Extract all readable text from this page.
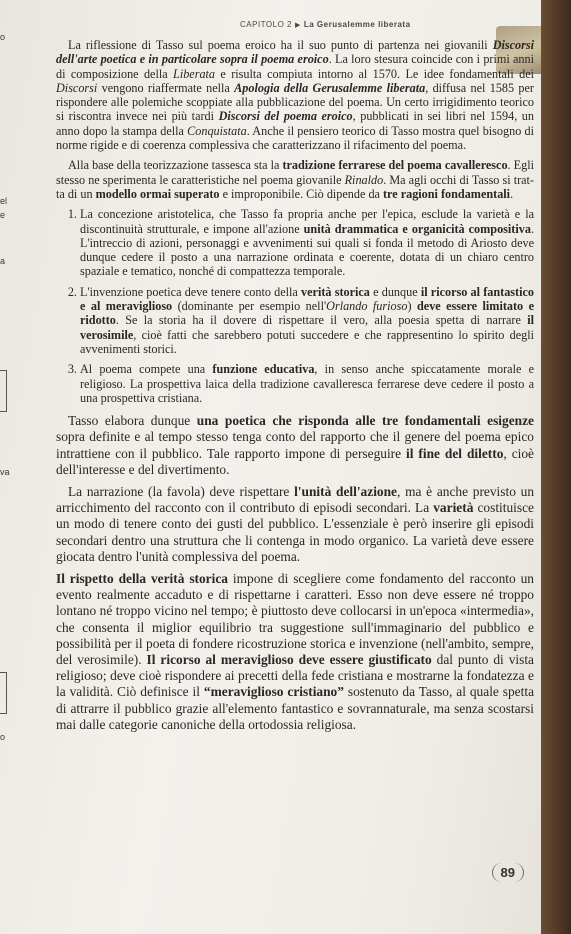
CAPITOLO 2 ▶ La Gerusalemme liberata
o
el
e
a
va
o

La riflessione di Tasso sul poema eroico ha il suo punto di partenza nei giovanili Discorsi dell'arte poetica e in particolare sopra il poema eroico. La loro stesura coincide con i primi anni di composizione della Liberata e risulta compiuta intorno al 1570. Le idee fondamentali dei Discorsi vengono riaffermate nella Apologia della Gerusalemme liberata, diffusa nel 1585 per rispondere alle polemiche scoppiate alla pubblicazione del poema. Un certo irrigidimento teorico si riscontra invece nei più tardi Discorsi del poema eroico, pubblicati in sei libri nel 1594, un anno dopo la stampa della Conquistata. Anche il pensiero teorico di Tasso mostra quel bisogno di norme rigide e di coerenza complessiva che caratterizzano il rifacimento del poema.

Alla base della teorizzazione tassesca sta la tradizione ferrarese del poema cavalleresco. Egli stesso ne sperimenta le caratteristiche nel poema giovanile Rinaldo. Ma agli occhi di Tasso si trat-ta di un modello ormai superato e improponibile. Ciò dipende da tre ragioni fondamentali.

1. La concezione aristotelica, che Tasso fa propria anche per l'epica, esclude la varietà e la discontinuità strutturale, e impone all'azione unità drammatica e organicità compositiva. L'intreccio di azioni, personaggi e avvenimenti sui quali si fonda il metodo di Ariosto deve dunque cedere il posto a una narrazione ordinata e coerente, dotata di un chiaro centro spaziale e tematico, nonché di compattezza temporale.
2. L'invenzione poetica deve tenere conto della verità storica e dunque il ricorso al fantastico e al meraviglioso (dominante per esempio nell'Orlando furioso) deve essere limitato e ridotto. Se la storia ha il dovere di rispettare il vero, alla poesia spetta di narrare il verosimile, cioè fatti che sarebbero potuti succedere e che rappresentino lo spirito degli avvenimenti storici.
3. Al poema compete una funzione educativa, in senso anche spiccatamente morale e religioso. La prospettiva laica della tradizione cavalleresca ferrarese deve cedere il posto a una prospettiva cristiana.

Tasso elabora dunque una poetica che risponda alle tre fondamentali esigenze sopra definite e al tempo stesso tenga conto del rapporto che il genere del poema epico intrattiene con il pubblico. Tale rapporto impone di perseguire il fine del diletto, cioè dell'interesse e del divertimento.

La narrazione (la favola) deve rispettare l'unità dell'azione, ma è anche previsto un arricchimento del racconto con il contributo di episodi secondari. La varietà costituisce un modo di tenere conto dei gusti del pubblico. L'essenziale è però inserire gli episodi secondari dentro una struttura che li contenga in modo organico. La varietà deve essere giocata dentro l'unità complessiva del poema.

Il rispetto della verità storica impone di scegliere come fondamento del racconto un evento realmente accaduto e di rispettarne i caratteri. Esso non deve essere né troppo lontano né troppo vicino nel tempo; è piuttosto deve collocarsi in un'epoca «intermedia», che consenta il miglior equilibrio tra suggestione sull'immaginario del pubblico e possibilità per il poeta di fondere ricostruzione storica e invenzione (nell'ambito, sempre, del verosimile). Il ricorso al meraviglioso deve essere giustificato dal punto di vista religioso; deve cioè rispondere ai precetti della fede cristiana e mostrarne la fondatezza e la validità. Ciò definisce il “meraviglioso cristiano” sostenuto da Tasso, al quale spetta di attrarre il pubblico grazie all'elemento fantastico e sovrannaturale, ma senza scostarsi mai dalle categorie canoniche della ortodossia religiosa.

89
